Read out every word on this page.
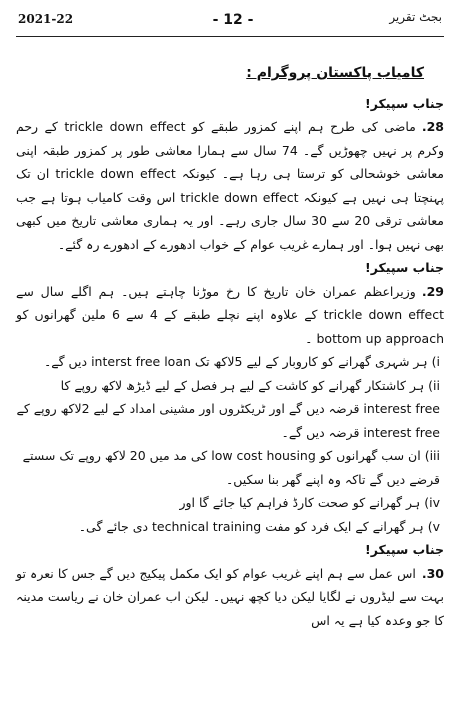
2021-22	- 12 -	بجٹ تقریر

کامیاب پاکستان پروگرام :

جناب سپیکر!

28.ماضی کی طرح ہم اپنے کمزور طبقے کو trickle down effect کے رحم وکرم پر نہیں چھوڑیں گے۔ 74 سال سے ہمارا معاشی طور پر کمزور طبقہ اپنی معاشی خوشحالی کو ترستا ہی رہا ہے۔ کیونکہ trickle down effect ان تک پہنچتا ہی نہیں ہے کیونکہ trickle down effect اس وقت کامیاب ہوتا ہے جب معاشی ترقی 20 سے 30 سال جاری رہے۔ اور یہ ہماری معاشی تاریخ میں کبھی بھی نہیں ہوا۔ اور ہمارے غریب عوام کے خواب ادھورے کے ادھورے رہ گئے۔

جناب سپیکر!

29.وزیراعظم عمران خان تاریخ کا رخ موڑنا چاہتے ہیں۔ ہم اگلے سال سے trickle down effect کے علاوہ اپنے نچلے طبقے کے 4 سے 6 ملین گھرانوں کو bottom up approach ۔

i)ہر شہری گھرانے کو کاروبار کے لیے 5لاکھ تک interst free loan دیں گے۔

ii)ہر کاشتکار گھرانے کو کاشت کے لیے ہر فصل کے لیے ڈیڑھ لاکھ روپے کا interest free قرضہ دیں گے اور ٹریکٹروں اور مشینی امداد کے لیے 2لاکھ روپے کے interest free قرضہ دیں گے۔

iii)ان سب گھرانوں کو low cost housing کی مد میں 20 لاکھ روپے تک سستے قرضے دیں گے تاکہ وہ اپنے گھر بنا سکیں۔

iv)ہر گھرانے کو صحت کارڈ فراہم کیا جائے گا اور

v)ہر گھرانے کے ایک فرد کو مفت technical training دی جائے گی۔

جناب سپیکر!

30.اس عمل سے ہم اپنے غریب عوام کو ایک مکمل پیکیج دیں گے جس کا نعرہ تو بہت سے لیڈروں نے لگایا لیکن دیا کچھ نہیں۔ لیکن اب عمران خان نے ریاست مدینہ کا جو وعدہ کیا ہے یہ اس
